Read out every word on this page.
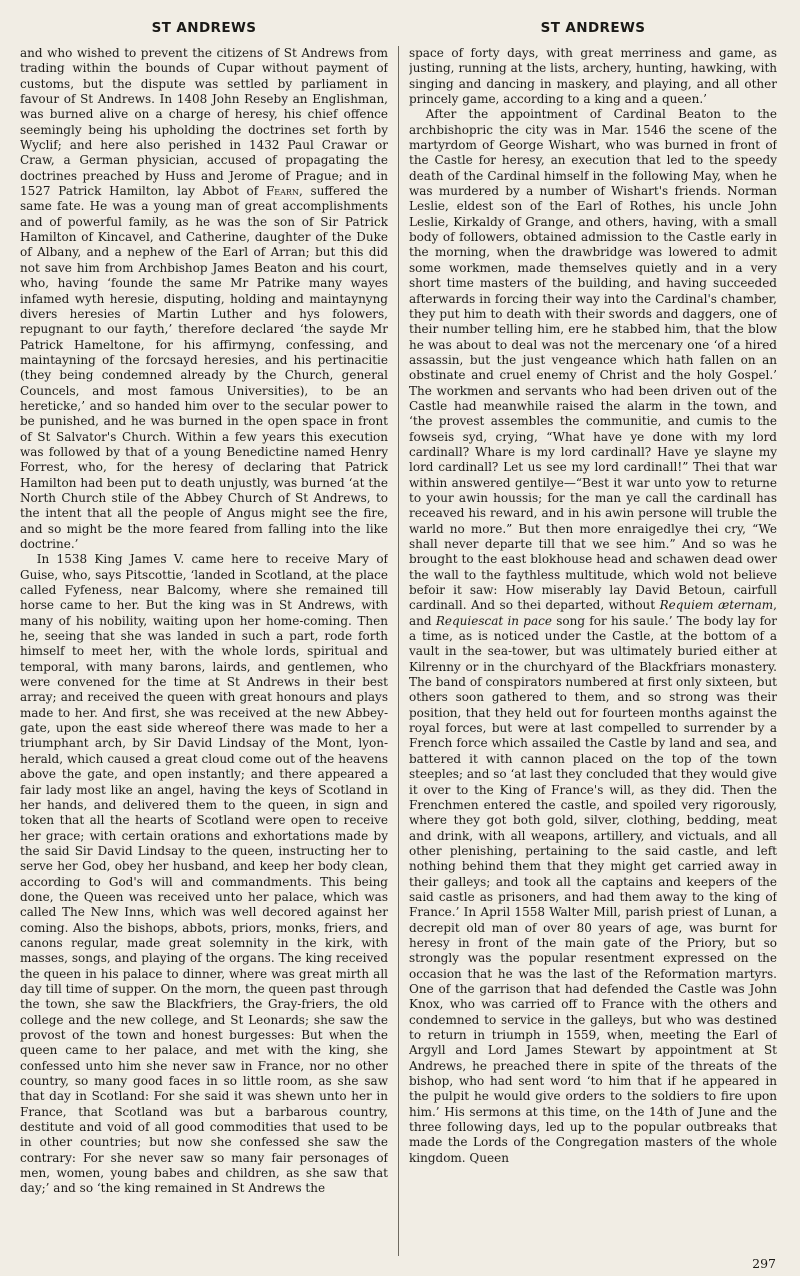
ST ANDREWS	ST ANDREWS

and who wished to prevent the citizens of St Andrews from trading within the bounds of Cupar without payment of customs, but the dispute was settled by parliament in favour of St Andrews. In 1408 John Reseby an Englishman, was burned alive on a charge of heresy, his chief offence seemingly being his upholding the doctrines set forth by Wyclif; and here also perished in 1432 Paul Crawar or Craw, a German physician, accused of propagating the doctrines preached by Huss and Jerome of Prague; and in 1527 Patrick Hamilton, lay Abbot of Fearn, suffered the same fate. He was a young man of great accomplishments and of powerful family, as he was the son of Sir Patrick Hamilton of Kincavel, and Catherine, daughter of the Duke of Albany, and a nephew of the Earl of Arran; but this did not save him from Archbishop James Beaton and his court, who, having ‘founde the same Mr Patrike many wayes infamed wyth heresie, disputing, holding and maintaynyng divers heresies of Martin Luther and hys folowers, repugnant to our fayth,’ therefore declared ‘the sayde Mr Patrick Hameltone, for his affirmyng, confessing, and maintayning of the forcsayd heresies, and his pertinacitie (they being condemned already by the Church, general Councels, and most famous Universities), to be an hereticke,’ and so handed him over to the secular power to be punished, and he was burned in the open space in front of St Salvator's Church. Within a few years this execution was followed by that of a young Benedictine named Henry Forrest, who, for the heresy of declaring that Patrick Hamilton had been put to death unjustly, was burned ‘at the North Church stile of the Abbey Church of St Andrews, to the intent that all the people of Angus might see the fire, and so might be the more feared from falling into the like doctrine.’

In 1538 King James V. came here to receive Mary of Guise, who, says Pitscottie, ‘landed in Scotland, at the place called Fyfeness, near Balcomy, where she remained till horse came to her. But the king was in St Andrews, with many of his nobility, waiting upon her home-coming. Then he, seeing that she was landed in such a part, rode forth himself to meet her, with the whole lords, spiritual and temporal, with many barons, lairds, and gentlemen, who were convened for the time at St Andrews in their best array; and received the queen with great honours and plays made to her. And first, she was received at the new Abbey-gate, upon the east side whereof there was made to her a triumphant arch, by Sir David Lindsay of the Mont, lyon-herald, which caused a great cloud come out of the heavens above the gate, and open instantly; and there appeared a fair lady most like an angel, having the keys of Scotland in her hands, and delivered them to the queen, in sign and token that all the hearts of Scotland were open to receive her grace; with certain orations and exhortations made by the said Sir David Lindsay to the queen, instructing her to serve her God, obey her husband, and keep her body clean, according to God's will and commandments. This being done, the Queen was received unto her palace, which was called The New Inns, which was well decored against her coming. Also the bishops, abbots, priors, monks, friers, and canons regular, made great solemnity in the kirk, with masses, songs, and playing of the organs. The king received the queen in his palace to dinner, where was great mirth all day till time of supper. On the morn, the queen past through the town, she saw the Blackfriers, the Gray-friers, the old college and the new college, and St Leonards; she saw the provost of the town and honest burgesses: But when the queen came to her palace, and met with the king, she confessed unto him she never saw in France, nor no other country, so many good faces in so little room, as she saw that day in Scotland: For she said it was shewn unto her in France, that Scotland was but a barbarous country, destitute and void of all good commodities that used to be in other countries; but now she confessed she saw the contrary: For she never saw so many fair personages of men, women, young babes and children, as she saw that day;’ and so ‘the king remained in St Andrews the

space of forty days, with great merriness and game, as justing, running at the lists, archery, hunting, hawking, with singing and dancing in maskery, and playing, and all other princely game, according to a king and a queen.’

After the appointment of Cardinal Beaton to the archbishopric the city was in Mar. 1546 the scene of the martyrdom of George Wishart, who was burned in front of the Castle for heresy, an execution that led to the speedy death of the Cardinal himself in the following May, when he was murdered by a number of Wishart's friends. Norman Leslie, eldest son of the Earl of Rothes, his uncle John Leslie, Kirkaldy of Grange, and others, having, with a small body of followers, obtained admission to the Castle early in the morning, when the drawbridge was lowered to admit some workmen, made themselves quietly and in a very short time masters of the building, and having succeeded afterwards in forcing their way into the Cardinal's chamber, they put him to death with their swords and daggers, one of their number telling him, ere he stabbed him, that the blow he was about to deal was not the mercenary one ‘of a hired assassin, but the just vengeance which hath fallen on an obstinate and cruel enemy of Christ and the holy Gospel.’ The workmen and servants who had been driven out of the Castle had meanwhile raised the alarm in the town, and ‘the provest assembles the communitie, and cumis to the fowseis syd, crying, “What have ye done with my lord cardinall? Whare is my lord cardinall? Have ye slayne my lord cardinall? Let us see my lord cardinall!” Thei that war within answered gentilye—“Best it war unto yow to returne to your awin houssis; for the man ye call the cardinall has receaved his reward, and in his awin persone will truble the warld no more.” But then more enraigedlye thei cry, “We shall never departe till that we see him.” And so was he brought to the east blokhouse head and schawen dead ower the wall to the faythless multitude, which wold not believe befoir it saw: How miserably lay David Betoun, cairfull cardinall. And so thei departed, without Requiem æternam, and Requiescat in pace song for his saule.’ The body lay for a time, as is noticed under the Castle, at the bottom of a vault in the sea-tower, but was ultimately buried either at Kilrenny or in the churchyard of the Blackfriars monastery. The band of conspirators numbered at first only sixteen, but others soon gathered to them, and so strong was their position, that they held out for fourteen months against the royal forces, but were at last compelled to surrender by a French force which assailed the Castle by land and sea, and battered it with cannon placed on the top of the town steeples; and so ‘at last they concluded that they would give it over to the King of France's will, as they did. Then the Frenchmen entered the castle, and spoiled very rigorously, where they got both gold, silver, clothing, bedding, meat and drink, with all weapons, artillery, and victuals, and all other plenishing, pertaining to the said castle, and left nothing behind them that they might get carried away in their galleys; and took all the captains and keepers of the said castle as prisoners, and had them away to the king of France.’ In April 1558 Walter Mill, parish priest of Lunan, a decrepit old man of over 80 years of age, was burnt for heresy in front of the main gate of the Priory, but so strongly was the popular resentment expressed on the occasion that he was the last of the Reformation martyrs. One of the garrison that had defended the Castle was John Knox, who was carried off to France with the others and condemned to service in the galleys, but who was destined to return in triumph in 1559, when, meeting the Earl of Argyll and Lord James Stewart by appointment at St Andrews, he preached there in spite of the threats of the bishop, who had sent word ‘to him that if he appeared in the pulpit he would give orders to the soldiers to fire upon him.’ His sermons at this time, on the 14th of June and the three following days, led up to the popular outbreaks that made the Lords of the Congregation masters of the whole kingdom. Queen

297
